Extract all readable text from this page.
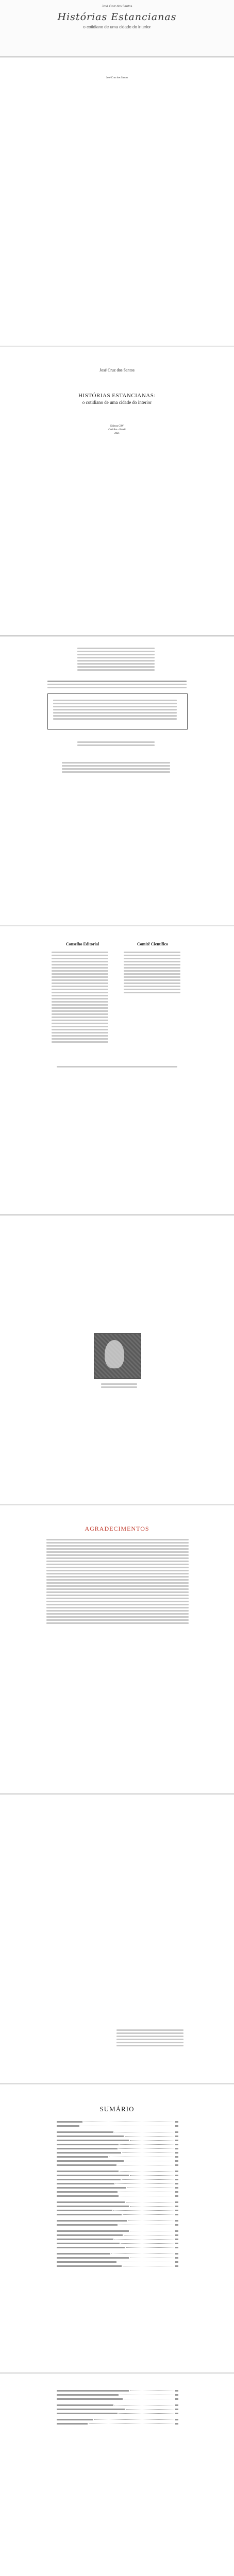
José Cruz dos Santos
Histórias Estancianas
o cotidiano de uma cidade do interior
José Cruz dos Santos
José Cruz dos Santos
HISTÓRIAS ESTANCIANAS:
o cotidiano de uma cidade do interior
Editora CRV
Curitiba – Brasil
2021
Conselho Editorial	Comitê Científico
AGRADECIMENTOS
SUMÁRIO
